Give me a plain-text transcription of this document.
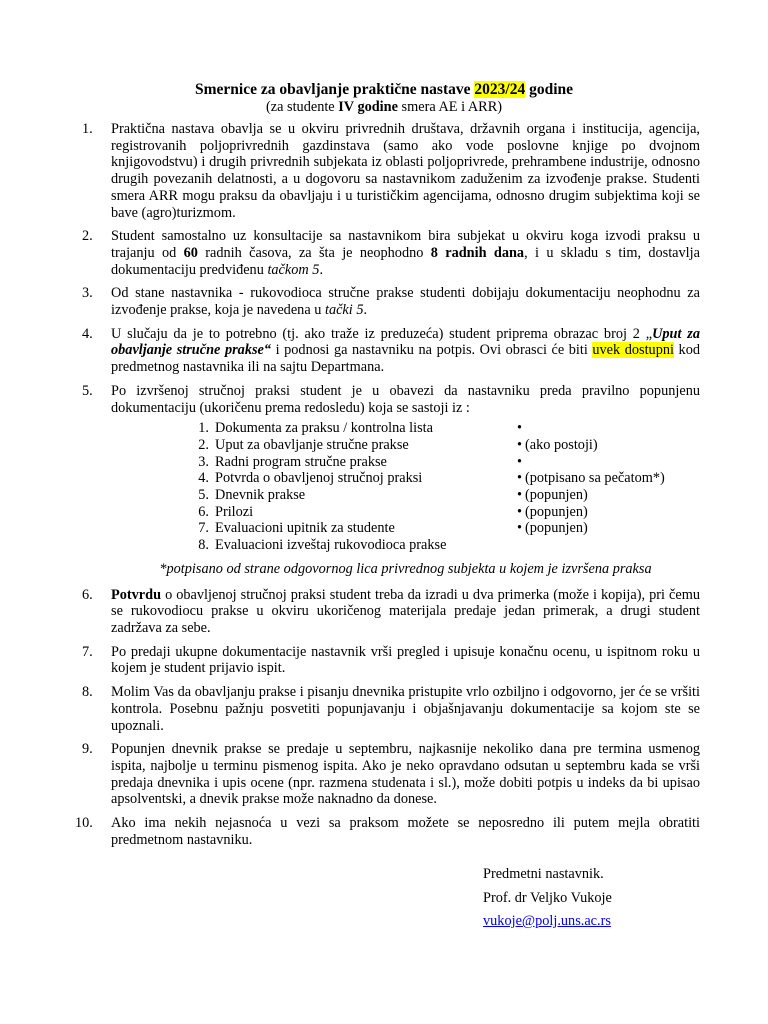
Smernice za obavljanje praktične nastave 2023/24 godine
(za studente IV godine smera AE i ARR)
1. Praktična nastava obavlja se u okviru privrednih društava, državnih organa i institucija, agencija, registrovanih poljoprivrednih gazdinstava (samo ako vode poslovne knjige po dvojnom knjigovodstvu) i drugih privrednih subjekata iz oblasti poljoprivrede, prehrambene industrije, odnosno drugih povezanih delatnosti, a u dogovoru sa nastavnikom zaduženim za izvođenje prakse. Studenti smera ARR mogu praksu da obavljaju i u turističkim agencijama, odnosno drugim subjektima koji se bave (agro)turizmom.
2. Student samostalno uz konsultacije sa nastavnikom bira subjekat u okviru koga izvodi praksu u trajanju od 60 radnih časova, za šta je neophodno 8 radnih dana, i u skladu s tim, dostavlja dokumentaciju predviđenu tačkom 5.
3. Od stane nastavnika - rukovodioca stručne prakse studenti dobijaju dokumentaciju neophodnu za izvođenje prakse, koja je navedena u tački 5.
4. U slučaju da je to potrebno (tj. ako traže iz preduzeća) student priprema obrazac broj 2 „Uput za obavljanje stručne prakse“ i podnosi ga nastavniku na potpis. Ovi obrasci će biti uvek dostupni kod predmetnog nastavnika ili na sajtu Departmana.
5. Po izvršenoj stručnoj praksi student je u obavezi da nastavniku preda pravilno popunjenu dokumentaciju (ukoričenu prema redosledu) koja se sastoji iz :
1. Dokumenta za praksu / kontrolna lista	•
2. Uput za obavljanje stručne prakse	• (ako postoji)
3. Radni program stručne prakse	•
4. Potvrda o obavljenoj stručnoj praksi	• (potpisano sa pečatom*)
5. Dnevnik prakse	• (popunjen)
6. Prilozi	• (popunjen)
7. Evaluacioni upitnik za studente	• (popunjen)
8. Evaluacioni izveštaj rukovodioca prakse
*potpisano od strane odgovornog lica privrednog subjekta u kojem je izvršena praksa
6. Potvrdu o obavljenoj stručnoj praksi student treba da izradi u dva primerka (može i kopija), pri čemu se rukovodiocu prakse u okviru ukoričenog materijala predaje jedan primerak, a drugi student zadržava za sebe.
7. Po predaji ukupne dokumentacije nastavnik vrši pregled i upisuje konačnu ocenu, u ispitnom roku u kojem je student prijavio ispit.
8. Molim Vas da obavljanju prakse i pisanju dnevnika pristupite vrlo ozbiljno i odgovorno, jer će se vršiti kontrola. Posebnu pažnju posvetiti popunjavanju i objašnjavanju dokumentacije sa kojom ste se upoznali.
9. Popunjen dnevnik prakse se predaje u septembru, najkasnije nekoliko dana pre termina usmenog ispita, najbolje u terminu pismenog ispita. Ako je neko opravdano odsutan u septembru kada se vrši predaja dnevnika i upis ocene (npr. razmena studenata i sl.), može dobiti potpis u indeks da bi upisao apsolventski, a dnevik prakse može naknadno da donese.
10. Ako ima nekih nejasnoća u vezi sa praksom možete se neposredno ili putem mejla obratiti predmetnom nastavniku.
Predmetni nastavnik.
Prof. dr Veljko Vukoje
vukoje@polj.uns.ac.rs
